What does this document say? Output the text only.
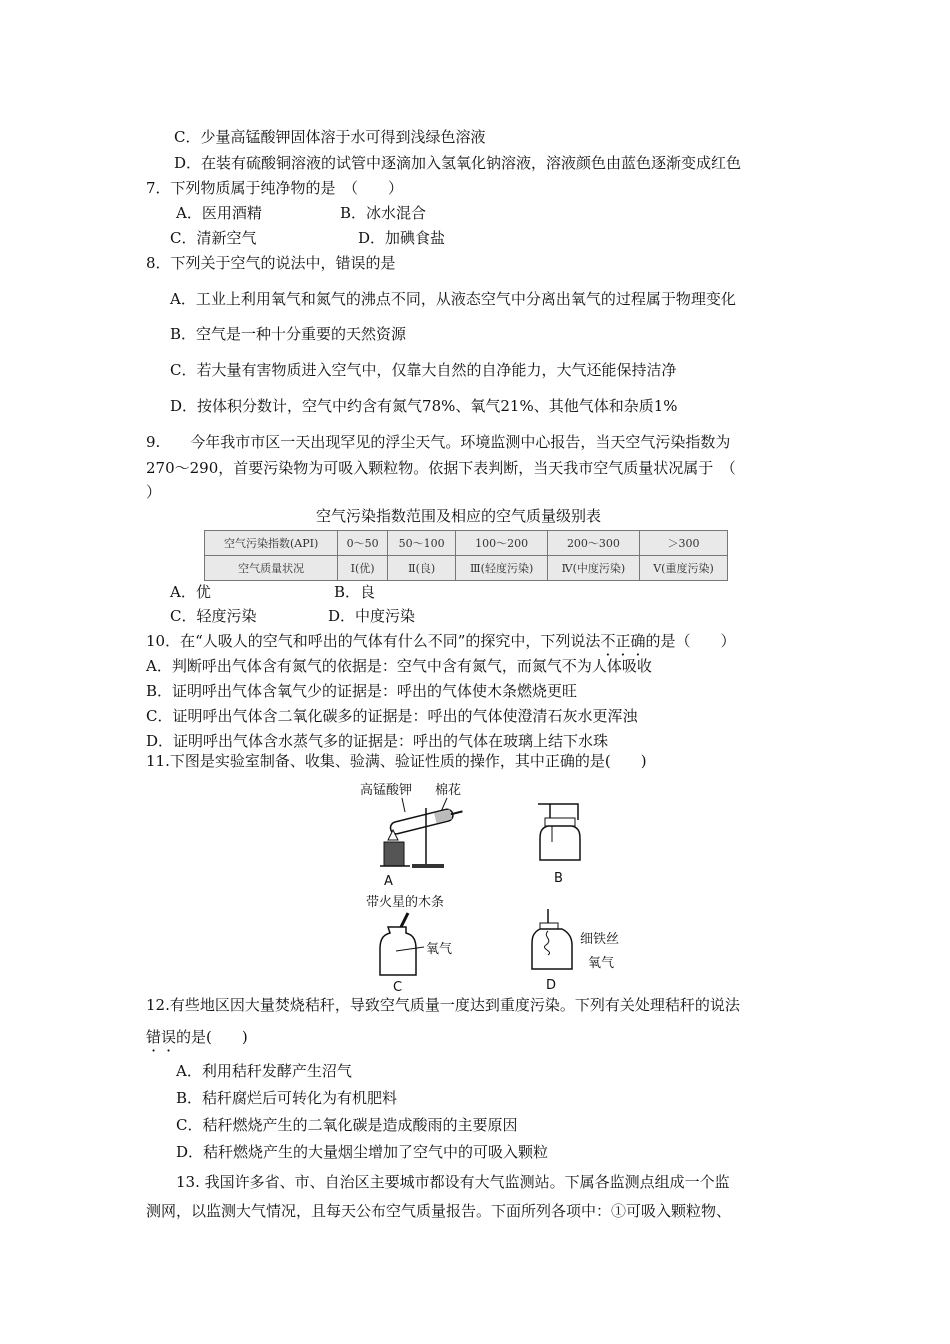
C．少量高锰酸钾固体溶于水可得到浅绿色溶液
D．在装有硫酸铜溶液的试管中逐滴加入氢氧化钠溶液，溶液颜色由蓝色逐渐变成红色
7．下列物质属于纯净物的是　（　　）
A．医用酒精	B．冰水混合
C．清新空气	D．加碘食盐
8．下列关于空气的说法中，错误的是
A．工业上利用氧气和氮气的沸点不同，从液态空气中分离出氧气的过程属于物理变化
B．空气是一种十分重要的天然资源
C．若大量有害物质进入空气中，仅靠大自然的自净能力，大气还能保持洁净
D．按体积分数计，空气中约含有氮气78%、氧气21%、其他气体和杂质1%
9.　　今年我市市区一天出现罕见的浮尘天气。环境监测中心报告，当天空气污染指数为
270～290，首要污染物为可吸入颗粒物。依据下表判断，当天我市空气质量状况属于　（
）
空气污染指数范围及相应的空气质量级别表
空气污染指数(API)	0～50	50～100	100～200	200～300	＞300
空气质量状况	Ⅰ(优)	Ⅱ(良)	Ⅲ(轻度污染)	Ⅳ(中度污染)	Ⅴ(重度污染)
A．优	B．良
C．轻度污染	D．中度污染
10．在“人吸人的空气和呼出的气体有什么不同”的探究中，下列说法不正确的是（　　）
A．判断呼出气体含有氮气的依据是：空气中含有氮气，而氮气不为人体吸收
B．证明呼出气体含氧气少的证据是：呼出的气体使木条燃烧更旺
C．证明呼出气体含二氧化碳多的证据是：呼出的气体使澄清石灰水更浑浊
D．证明呼出气体含水蒸气多的证据是：呼出的气体在玻璃上结下水珠
11.下图是实验室制备、收集、验满、验证性质的操作，其中正确的是(　　)
高锰酸钾 棉花
A	B
带火星的木条
氧气
C
细铁丝
氧气
D
12.有些地区因大量焚烧秸秆，导致空气质量一度达到重度污染。下列有关处理秸秆的说法
错误的是(　　)
A．利用秸秆发酵产生沼气
B．秸秆腐烂后可转化为有机肥料
C．秸秆燃烧产生的二氧化碳是造成酸雨的主要原因
D．秸秆燃烧产生的大量烟尘增加了空气中的可吸入颗粒
13. 我国许多省、市、自治区主要城市都设有大气监测站。下属各监测点组成一个监
测网，以监测大气情况，且每天公布空气质量报告。下面所列各项中：①可吸入颗粒物、
